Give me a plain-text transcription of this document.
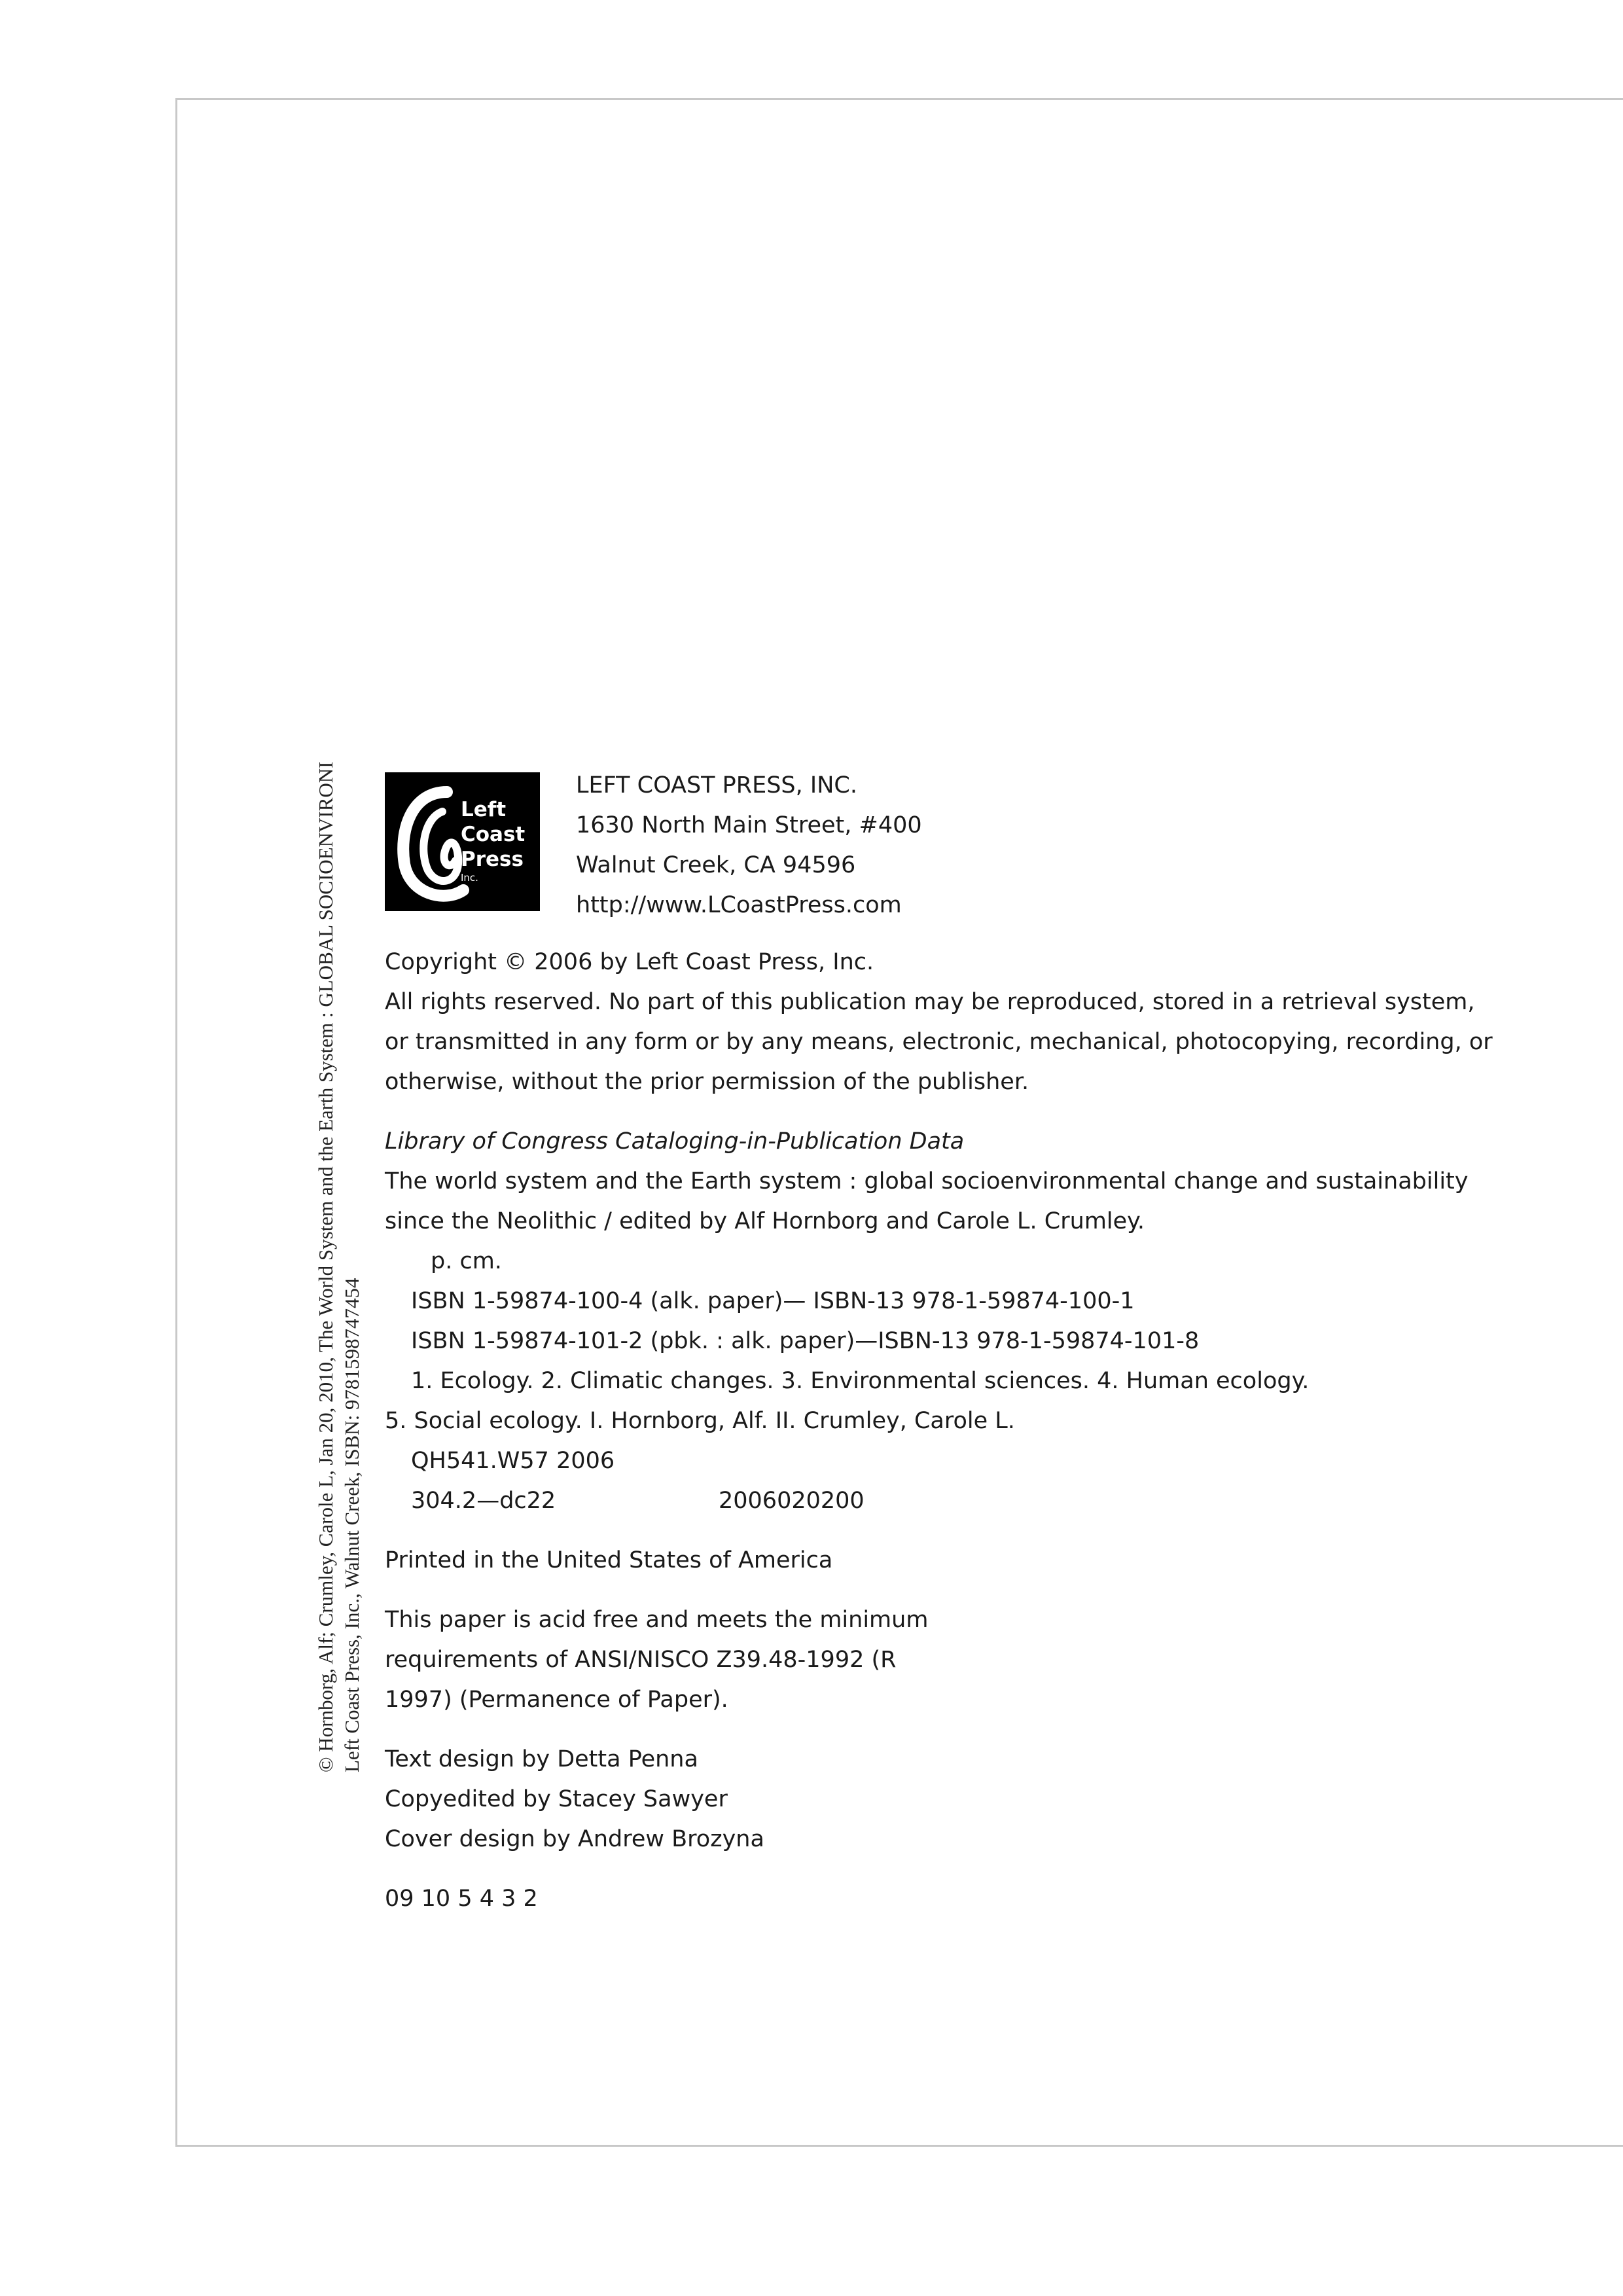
© Hornborg, Alf; Crumley, Carole L, Jan 20, 2010, The World System and the Earth System : GLOBAL SOCIOENVIRONI Left Coast Press, Inc., Walnut Creek, ISBN: 9781598747454
Left
Coast
Press
Inc.
LEFT COAST PRESS, INC.
1630 North Main Street, #400
Walnut Creek, CA 94596
http://www.LCoastPress.com
Copyright © 2006 by Left Coast Press, Inc.
All rights reserved. No part of this publication may be reproduced, stored in a retrieval system,
or transmitted in any form or by any means, electronic, mechanical, photocopying, recording, or
otherwise, without the prior permission of the publisher.
Library of Congress Cataloging-in-Publication Data
The world system and the Earth system : global socioenvironmental change and sustainability
since the Neolithic / edited by Alf Hornborg and Carole L. Crumley.
p. cm.
ISBN 1-59874-100-4 (alk. paper)— ISBN-13 978-1-59874-100-1
ISBN 1-59874-101-2 (pbk. : alk. paper)—ISBN-13 978-1-59874-101-8
1. Ecology. 2. Climatic changes. 3. Environmental sciences. 4. Human ecology.
5. Social ecology. I. Hornborg, Alf. II. Crumley, Carole L.
QH541.W57 2006
304.2—dc22	2006020200
Printed in the United States of America
This paper is acid free and meets the minimum
requirements of ANSI/NISCO Z39.48-1992 (R
1997) (Permanence of Paper).
Text design by Detta Penna
Copyedited by Stacey Sawyer
Cover design by Andrew Brozyna
09 10 5 4 3 2
